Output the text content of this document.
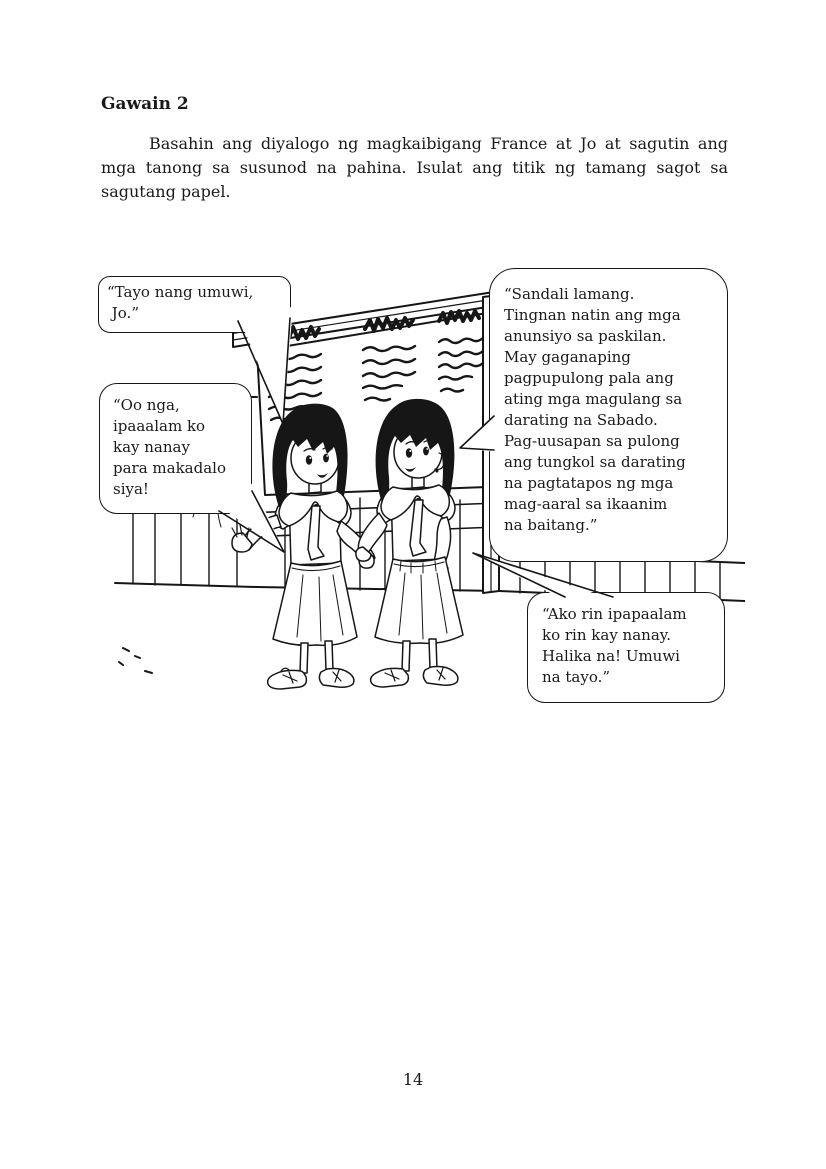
Gawain 2
Basahin ang diyalogo ng magkaibigang France at Jo at sagutin ang mga tanong sa susunod na pahina. Isulat ang titik ng tamang sagot sa sagutang papel.
“Tayo nang umuwi,
Jo.”
“Oo nga,
ipaaalam ko
kay nanay
para makadalo
siya!
“Sandali lamang.
Tingnan natin ang mga
anunsiyo sa paskilan.
May gaganaping
pagpupulong pala ang
ating mga magulang sa
darating na Sabado.
Pag-uusapan sa pulong
ang tungkol sa darating
na pagtatapos ng mga
mag-aaral sa ikaanim
na baitang.”
“Ako rin ipapaalam
ko rin kay nanay.
Halika na! Umuwi
na tayo.”
14
